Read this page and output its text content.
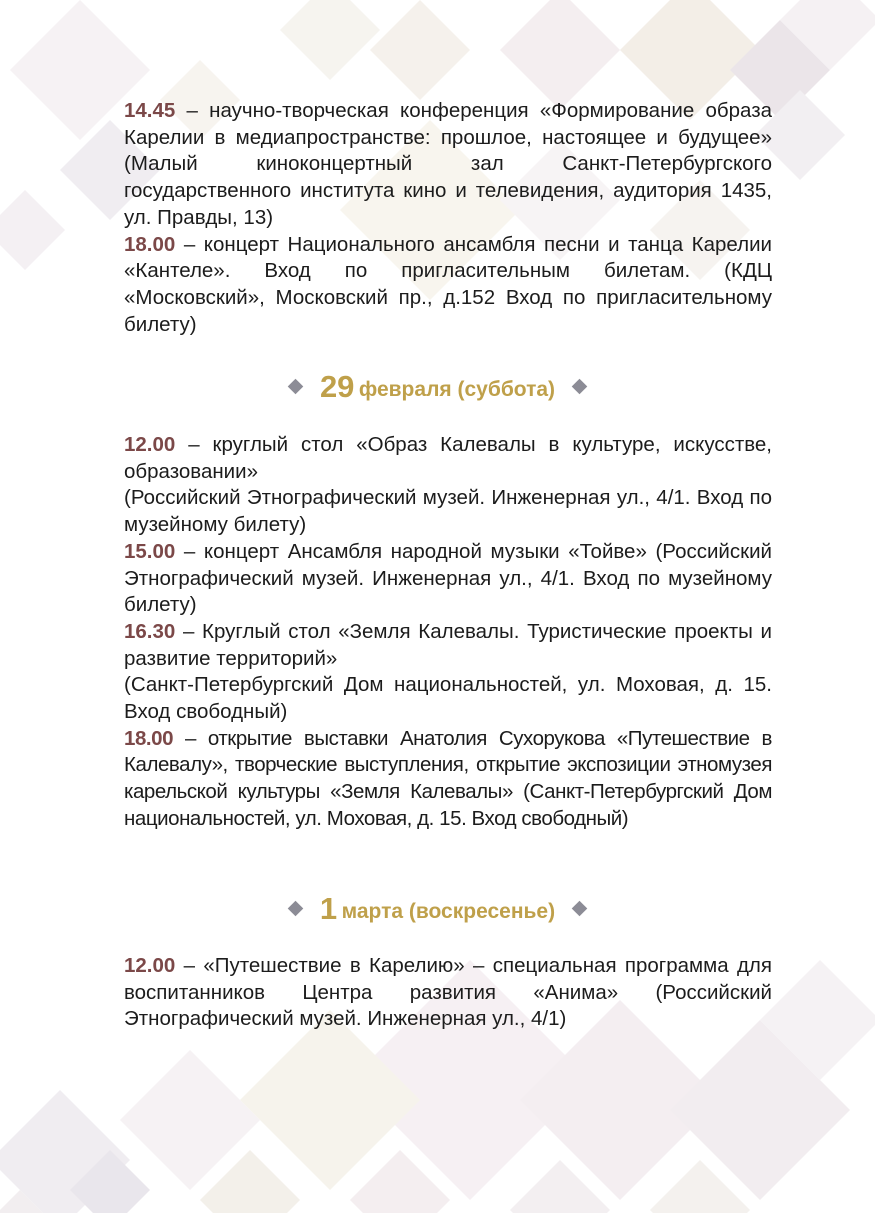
14.45 – научно-творческая конференция «Формирование образа Карелии в медиапространстве: прошлое, настоящее и будущее» (Малый киноконцертный зал Санкт-Петербургского государственного института кино и телевидения, аудитория 1435, ул. Правды, 13)

18.00 – концерт Национального ансамбля песни и танца Карелии «Кантеле». Вход по пригласительным билетам. (КДЦ «Московский», Московский пр., д.152 Вход по пригласительному билету)

29 февраля (суббота)

12.00 – круглый стол «Образ Калевалы в культуре, искусстве, образовании»

(Российский Этнографический музей. Инженерная ул., 4/1. Вход по музейному билету)

15.00 – концерт Ансамбля народной музыки «Тойве» (Российский Этнографический музей. Инженерная ул., 4/1. Вход по музейному билету)

16.30 – Круглый стол «Земля Калевалы. Туристические проекты и развитие территорий»

(Санкт-Петербургский Дом национальностей, ул. Моховая, д. 15. Вход свободный)

18.00 – открытие выставки Анатолия Сухорукова «Путешествие в Калевалу», творческие выступления, открытие экспозиции этномузея карельской культуры «Земля Калевалы» (Санкт-Петербургский Дом национальностей, ул. Моховая, д. 15. Вход свободный)

1 марта (воскресенье)

12.00 – «Путешествие в Карелию» – специальная программа для воспитанников Центра развития «Анима» (Российский Этнографический музей. Инженерная ул., 4/1)
